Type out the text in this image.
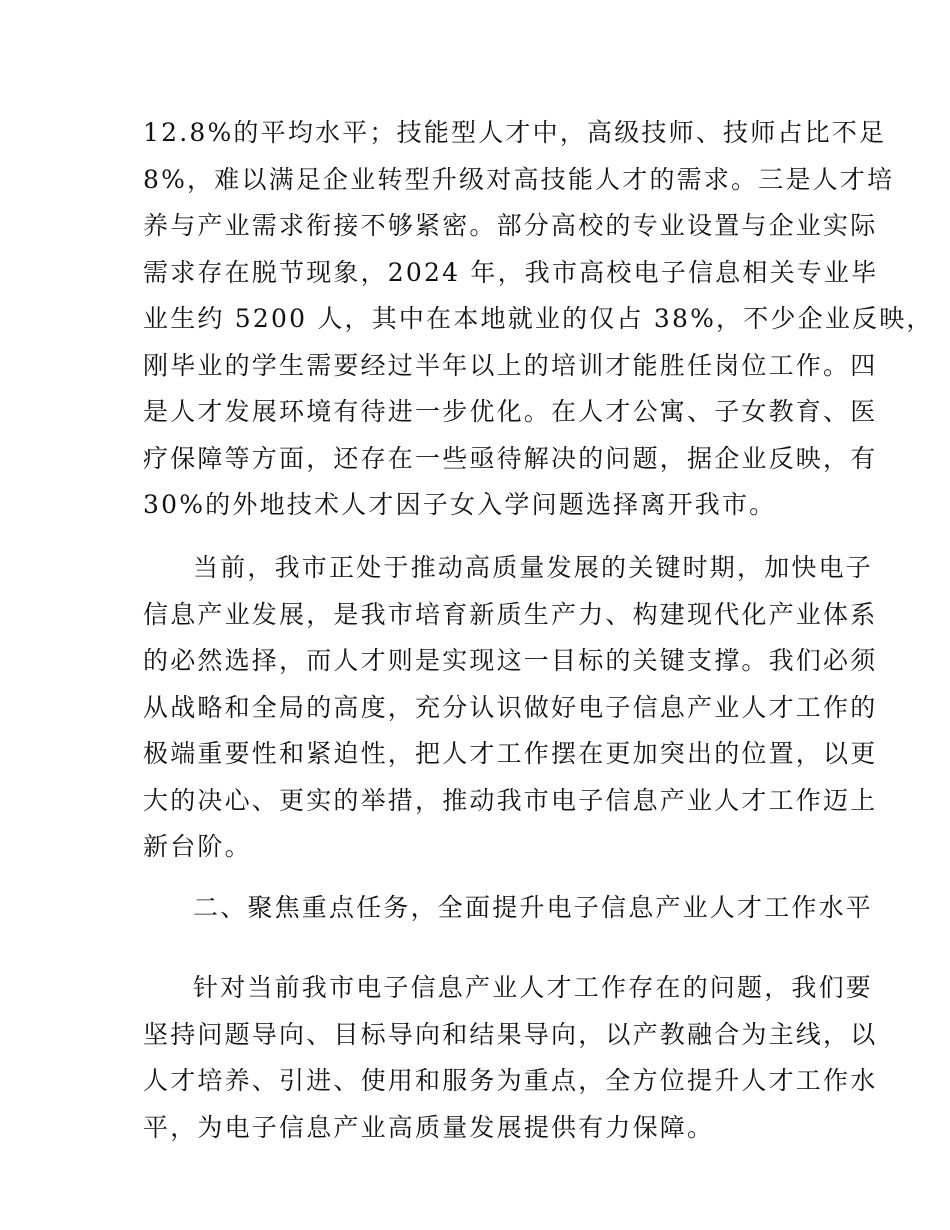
12.8%的平均水平；技能型人才中，高级技师、技师占比不足
8%，难以满足企业转型升级对高技能人才的需求。三是人才培
养与产业需求衔接不够紧密。部分高校的专业设置与企业实际
需求存在脱节现象，2024 年，我市高校电子信息相关专业毕
业生约 5200 人，其中在本地就业的仅占 38%，不少企业反映，
刚毕业的学生需要经过半年以上的培训才能胜任岗位工作。四
是人才发展环境有待进一步优化。在人才公寓、子女教育、医
疗保障等方面，还存在一些亟待解决的问题，据企业反映，有
30%的外地技术人才因子女入学问题选择离开我市。
当前，我市正处于推动高质量发展的关键时期，加快电子
信息产业发展，是我市培育新质生产力、构建现代化产业体系
的必然选择，而人才则是实现这一目标的关键支撑。我们必须
从战略和全局的高度，充分认识做好电子信息产业人才工作的
极端重要性和紧迫性，把人才工作摆在更加突出的位置，以更
大的决心、更实的举措，推动我市电子信息产业人才工作迈上
新台阶。
二、聚焦重点任务，全面提升电子信息产业人才工作水平
针对当前我市电子信息产业人才工作存在的问题，我们要
坚持问题导向、目标导向和结果导向，以产教融合为主线，以
人才培养、引进、使用和服务为重点，全方位提升人才工作水
平，为电子信息产业高质量发展提供有力保障。
